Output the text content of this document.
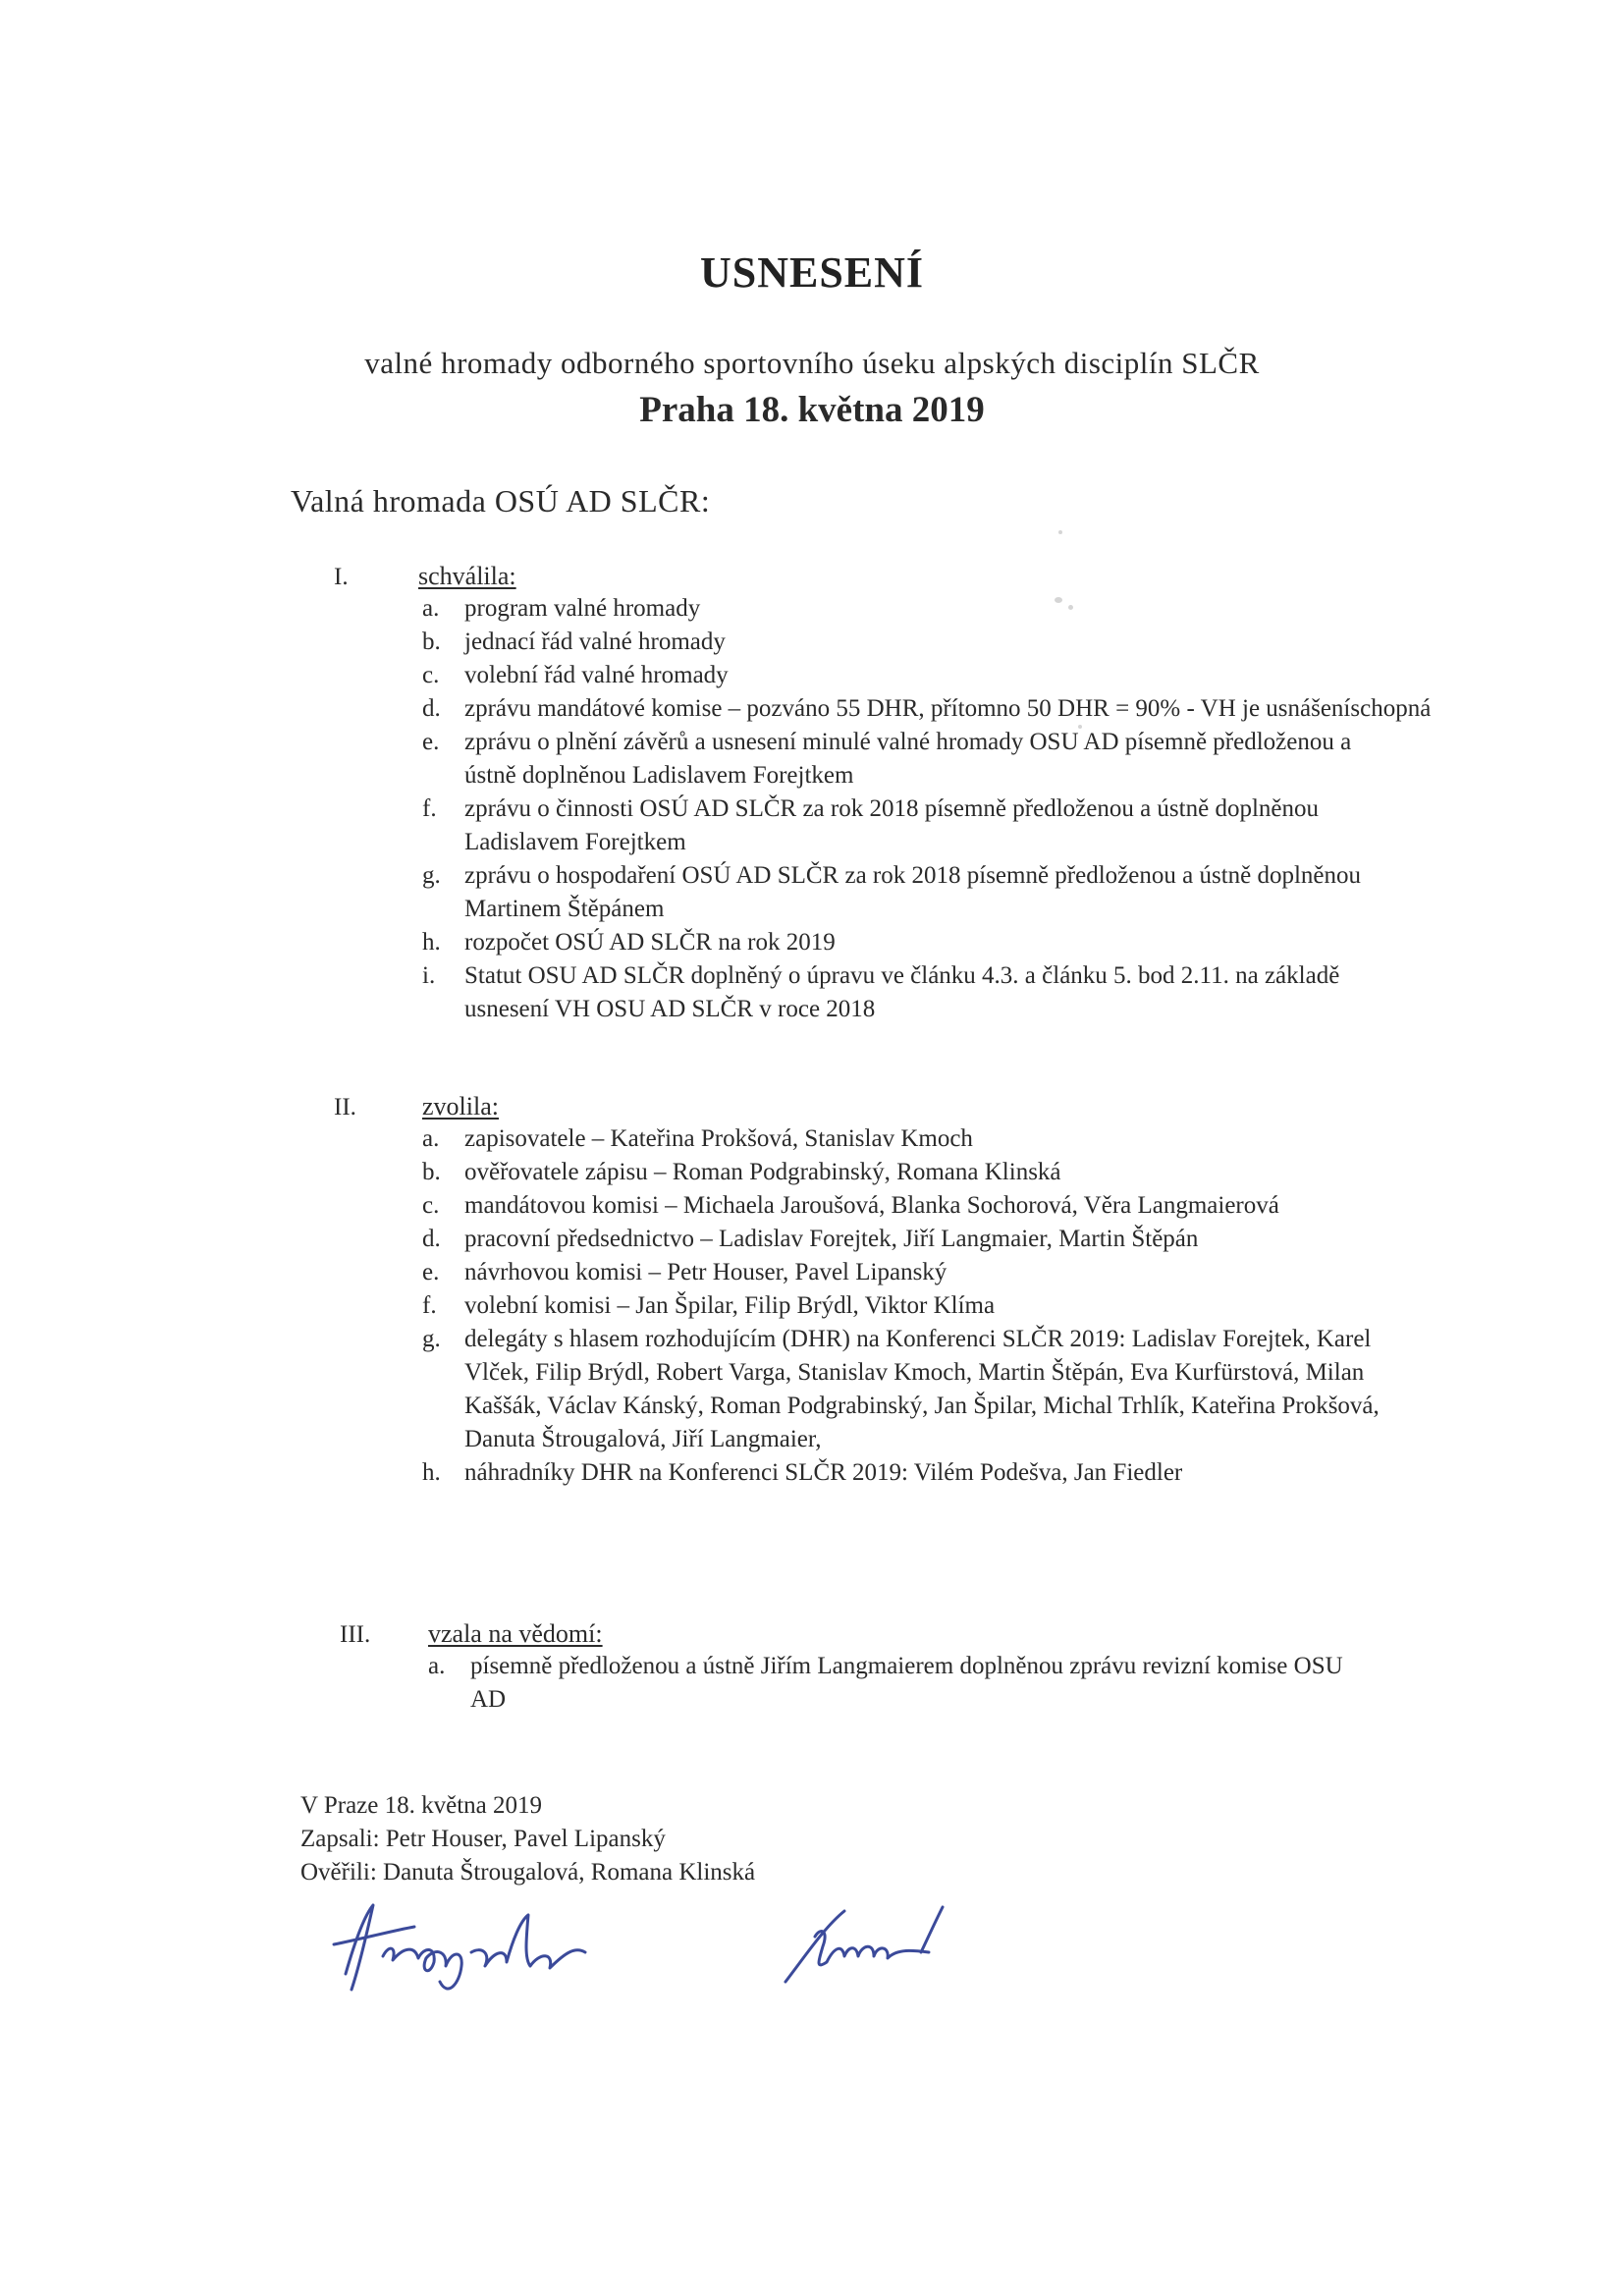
USNESENÍ
valné hromady odborného sportovního úseku alpských disciplín SLČR
Praha 18. května 2019
Valná hromada OSÚ AD SLČR:
I.	schválila:
a.	program valné hromady
b. jednací řád valné hromady
c.	volební řád valné hromady
d. zprávu mandátové komise – pozváno 55 DHR, přítomno 50 DHR = 90% - VH je usnášeníschopná
e.	zprávu o plnění závěrů a usnesení minulé valné hromady OSU AD písemně předloženou a ústně doplněnou Ladislavem Forejtkem
f.	zprávu o činnosti OSÚ AD SLČR za rok 2018 písemně předloženou a ústně doplněnou Ladislavem Forejtkem
g. zprávu o hospodaření OSÚ AD SLČR za rok 2018 písemně předloženou a ústně doplněnou Martinem Štěpánem
h. rozpočet OSÚ AD SLČR na rok 2019
i.	Statut OSU AD SLČR doplněný o úpravu ve článku 4.3. a článku 5. bod 2.11. na základě usnesení VH OSU AD SLČR v roce 2018
II.	zvolila:
a.	zapisovatele – Kateřina Prokšová, Stanislav Kmoch
b. ověřovatele zápisu – Roman Podgrabinský, Romana Klinská
c.	mandátovou komisi – Michaela Jaroušová, Blanka Sochorová, Věra Langmaierová
d. pracovní předsednictvo – Ladislav Forejtek, Jiří Langmaier, Martin Štěpán
e.	návrhovou komisi – Petr Houser, Pavel Lipanský
f.	volební komisi – Jan Špilar, Filip Brýdl, Viktor Klíma
g. delegáty s hlasem rozhodujícím (DHR) na Konferenci SLČR 2019: Ladislav Forejtek, Karel Vlček, Filip Brýdl, Robert Varga, Stanislav Kmoch, Martin Štěpán, Eva Kurfürstová, Milan Kaššák, Václav Kánský, Roman Podgrabinský, Jan Špilar, Michal Trhlík, Kateřina Prokšová, Danuta Štrougalová, Jiří Langmaier,
h. náhradníky DHR na Konferenci SLČR 2019: Vilém Podešva, Jan Fiedler
III. vzala na vědomí:
a.	písemně předloženou a ústně Jiřím Langmaierem doplněnou zprávu revizní komise OSU AD
V Praze 18. května 2019
Zapsali: Petr Houser, Pavel Lipanský
Ověřili: Danuta Štrougalová, Romana Klinská
